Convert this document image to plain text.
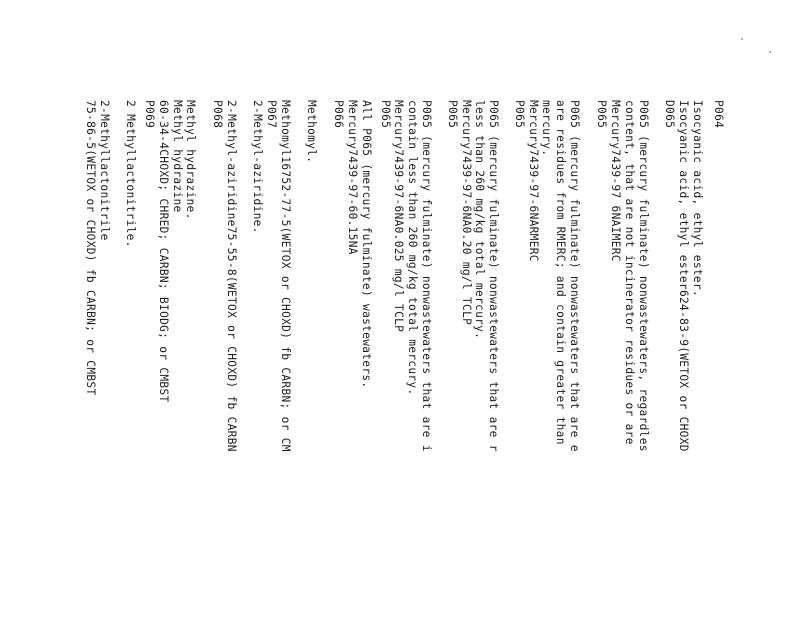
P064
Isocyanic acid, ethyl ester.
Isocyanic acid, ethyl ester624-83-9(WETOX or CHOXD
D065
P065 (mercury fulminate) nonwastewaters, regardles
content, that are not incinerator residues or are
Mercury7439-97 6NAIMERC
P065
P065 (mercury fulminate) nonwastewaters that are e
are residues from RMERC; and contain greater than
mercury.
Mercury7439-97-6NARMERC
P065
P065 (mercury fulminate) nonwastewaters that are r
less than 260 mg/kg total mercury.
Mercury7439-97-6NA0.20 mg/l TCLP
P065
P065 (mercury fulminate) nonwastewaters that are i
contain less than 260 mg/kg total mercury.
Mercury7439-97-6NA0.025 mg/l TCLP
P065
All P065 (mercury fulminate) wastewaters.
Mercury7439-97-60.15NA
P066
Methomyl.
Methomyl16752-77-5(WETOX or CHOXD) fb CARBN; or CM
P067
2-Methyl-aziridine.
2-Methyl-aziridine75-55-8(WETOX or CHOXD) fb CARBN
P068
Methyl hydrazine.
Methyl hydrazine
60-34-4CHOXD; CHRED; CARBN; BIODG; or CMBST
P069
2 Methyllactonitrile.
2-Methyllactonitrile
75-86-5(WETOX or CHOXD) fb CARBN; or CMBST
